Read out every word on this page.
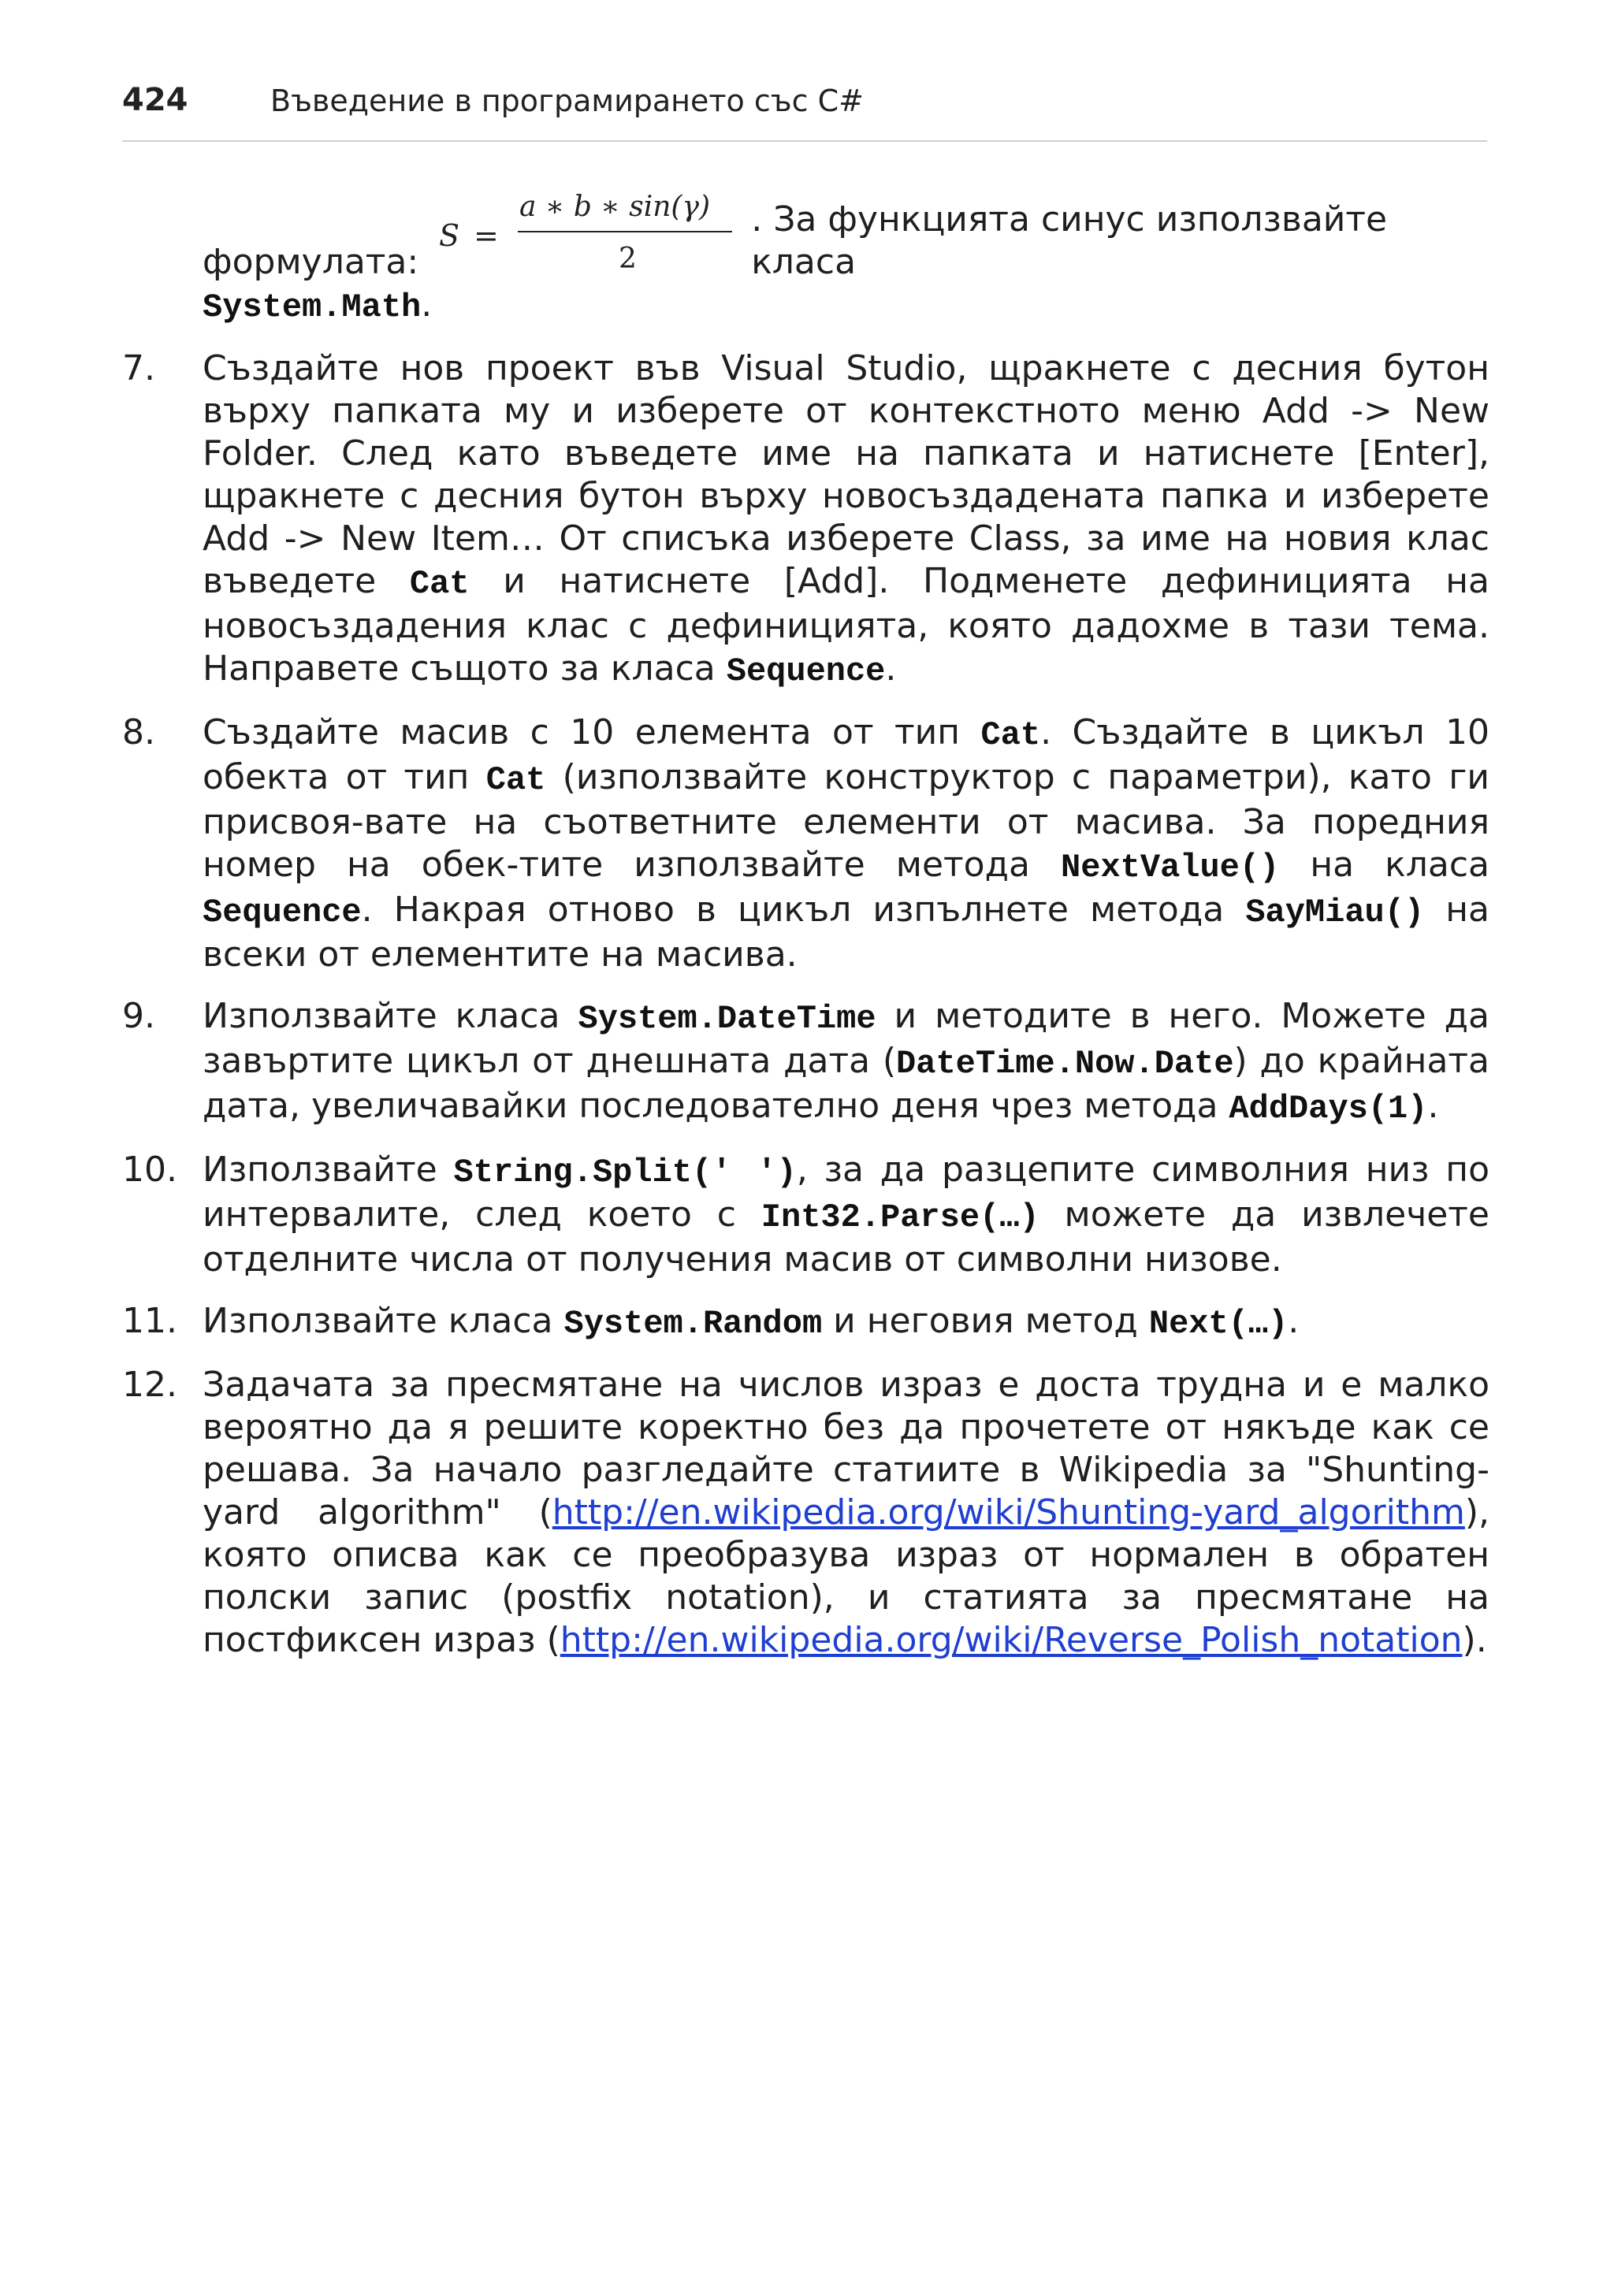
424	Въведение в програмирането със C#
формулата:
S =
a ∗ b ∗ sin(γ)
2
. За функцията синус използвайте класа

System.Math.

7.	Създайте нов проект във Visual Studio, щракнете с десния бутон върху папката му и изберете от контекстното меню Add -> New Folder. След като въведете име на папката и натиснете [Enter], щракнете с десния бутон върху новосъздадената папка и изберете Add -> New Item… От списъка изберете Class, за име на новия клас въведете Cat и натиснете [Add]. Подменете дефиницията на новосъздадения клас с дефиницията, която дадохме в тази тема. Направете същото за класа Sequence.

8.	Създайте масив с 10 елемента от тип Cat. Създайте в цикъл 10 обекта от тип Cat (използвайте конструктор с параметри), като ги присвоя-вате на съответните елементи от масива. За поредния номер на обек-тите използвайте метода NextValue() на класа Sequence. Накрая отново в цикъл изпълнете метода SayMiau() на всеки от елементите на масива.

9.	Използвайте класа System.DateTime и методите в него. Можете да завъртите цикъл от днешната дата (DateTime.Now.Date) до крайната дата, увеличавайки последователно деня чрез метода AddDays(1).

10. Използвайте String.Split(' '), за да разцепите символния низ по интервалите, след което с Int32.Parse(…) можете да извлечете отделните числа от получения масив от символни низове.

11. Използвайте класа System.Random и неговия метод Next(…).

12. Задачата за пресмятане на числов израз е доста трудна и е малко вероятно да я решите коректно без да прочетете от някъде как се решава. За начало разгледайте статиите в Wikipedia за "Shunting-yard algorithm" (http://en.wikipedia.org/wiki/Shunting-yard_algorithm), която описва как се преобразува израз от нормален в обратен полски запис (postfix notation), и статията за пресмятане на постфиксен израз (http://en.wikipedia.org/wiki/Reverse_Polish_notation).
